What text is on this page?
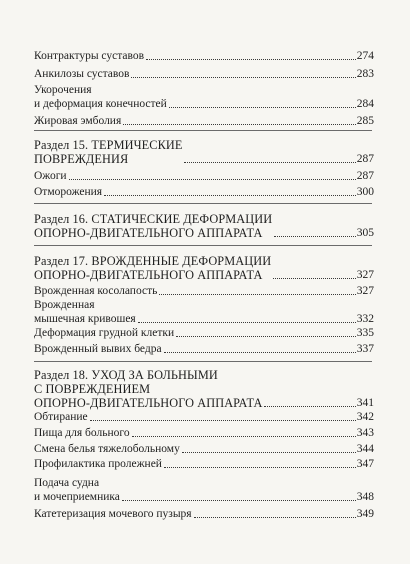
Контрактуры суставов	274
Анкилозы суставов	283
Укорочения
и деформация конечностей	284
Жировая эмболия	285
Раздел 15. ТЕРМИЧЕСКИЕ
ПОВРЕЖДЕНИЯ	287
Ожоги	287
Отморожения	300
Раздел 16. СТАТИЧЕСКИЕ ДЕФОРМАЦИИ
ОПОРНО-ДВИГАТЕЛЬНОГО АППАРАТА	305
Раздел 17. ВРОЖДЕННЫЕ ДЕФОРМАЦИИ
ОПОРНО-ДВИГАТЕЛЬНОГО АППАРАТА	327
Врожденная косолапость	327
Врожденная
мышечная кривошея	332
Деформация грудной клетки	335
Врожденный вывих бедра	337
Раздел 18. УХОД ЗА БОЛЬНЫМИ
С ПОВРЕЖДЕНИЕМ
ОПОРНО-ДВИГАТЕЛЬНОГО АППАРАТА	341
Обтирание	342
Пища для больного	343
Смена белья тяжелобольному	344
Профилактика пролежней	347
Подача судна
и мочеприемника	348
Катетеризация мочевого пузыря	349
